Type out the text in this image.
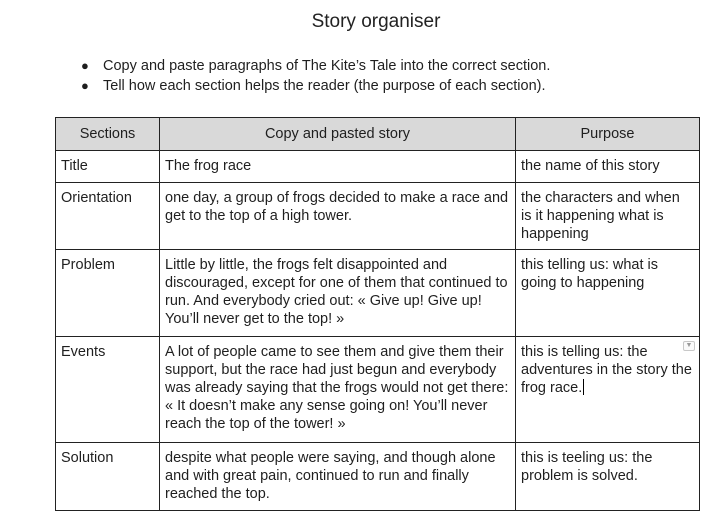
Story organiser
● Copy and paste paragraphs of The Kite’s Tale into the correct section.
● Tell how each section helps the reader (the purpose of each section).
Sections	Copy and pasted story	Purpose
Title	The frog race	the name of this story
Orientation	one day, a group of frogs decided to make a race and get to the top of a high tower.	the characters and when is it happening what is happening
Problem	Little by little, the frogs felt disappointed and discouraged, except for one of them that continued to run. And everybody cried out: « Give up! Give up! You’ll never get to the top! »	this telling us: what is going to happening
Events	A lot of people came to see them and give them their support, but the race had just begun and everybody was already saying that the frogs would not get there: « It doesn’t make any sense going on! You’ll never reach the top of the tower! »	this is telling us: the adventures in the story the frog race.
▼

Solution	despite what people were saying, and though alone and with great pain, continued to run and finally reached the top.	this is teeling us: the problem is solved.
